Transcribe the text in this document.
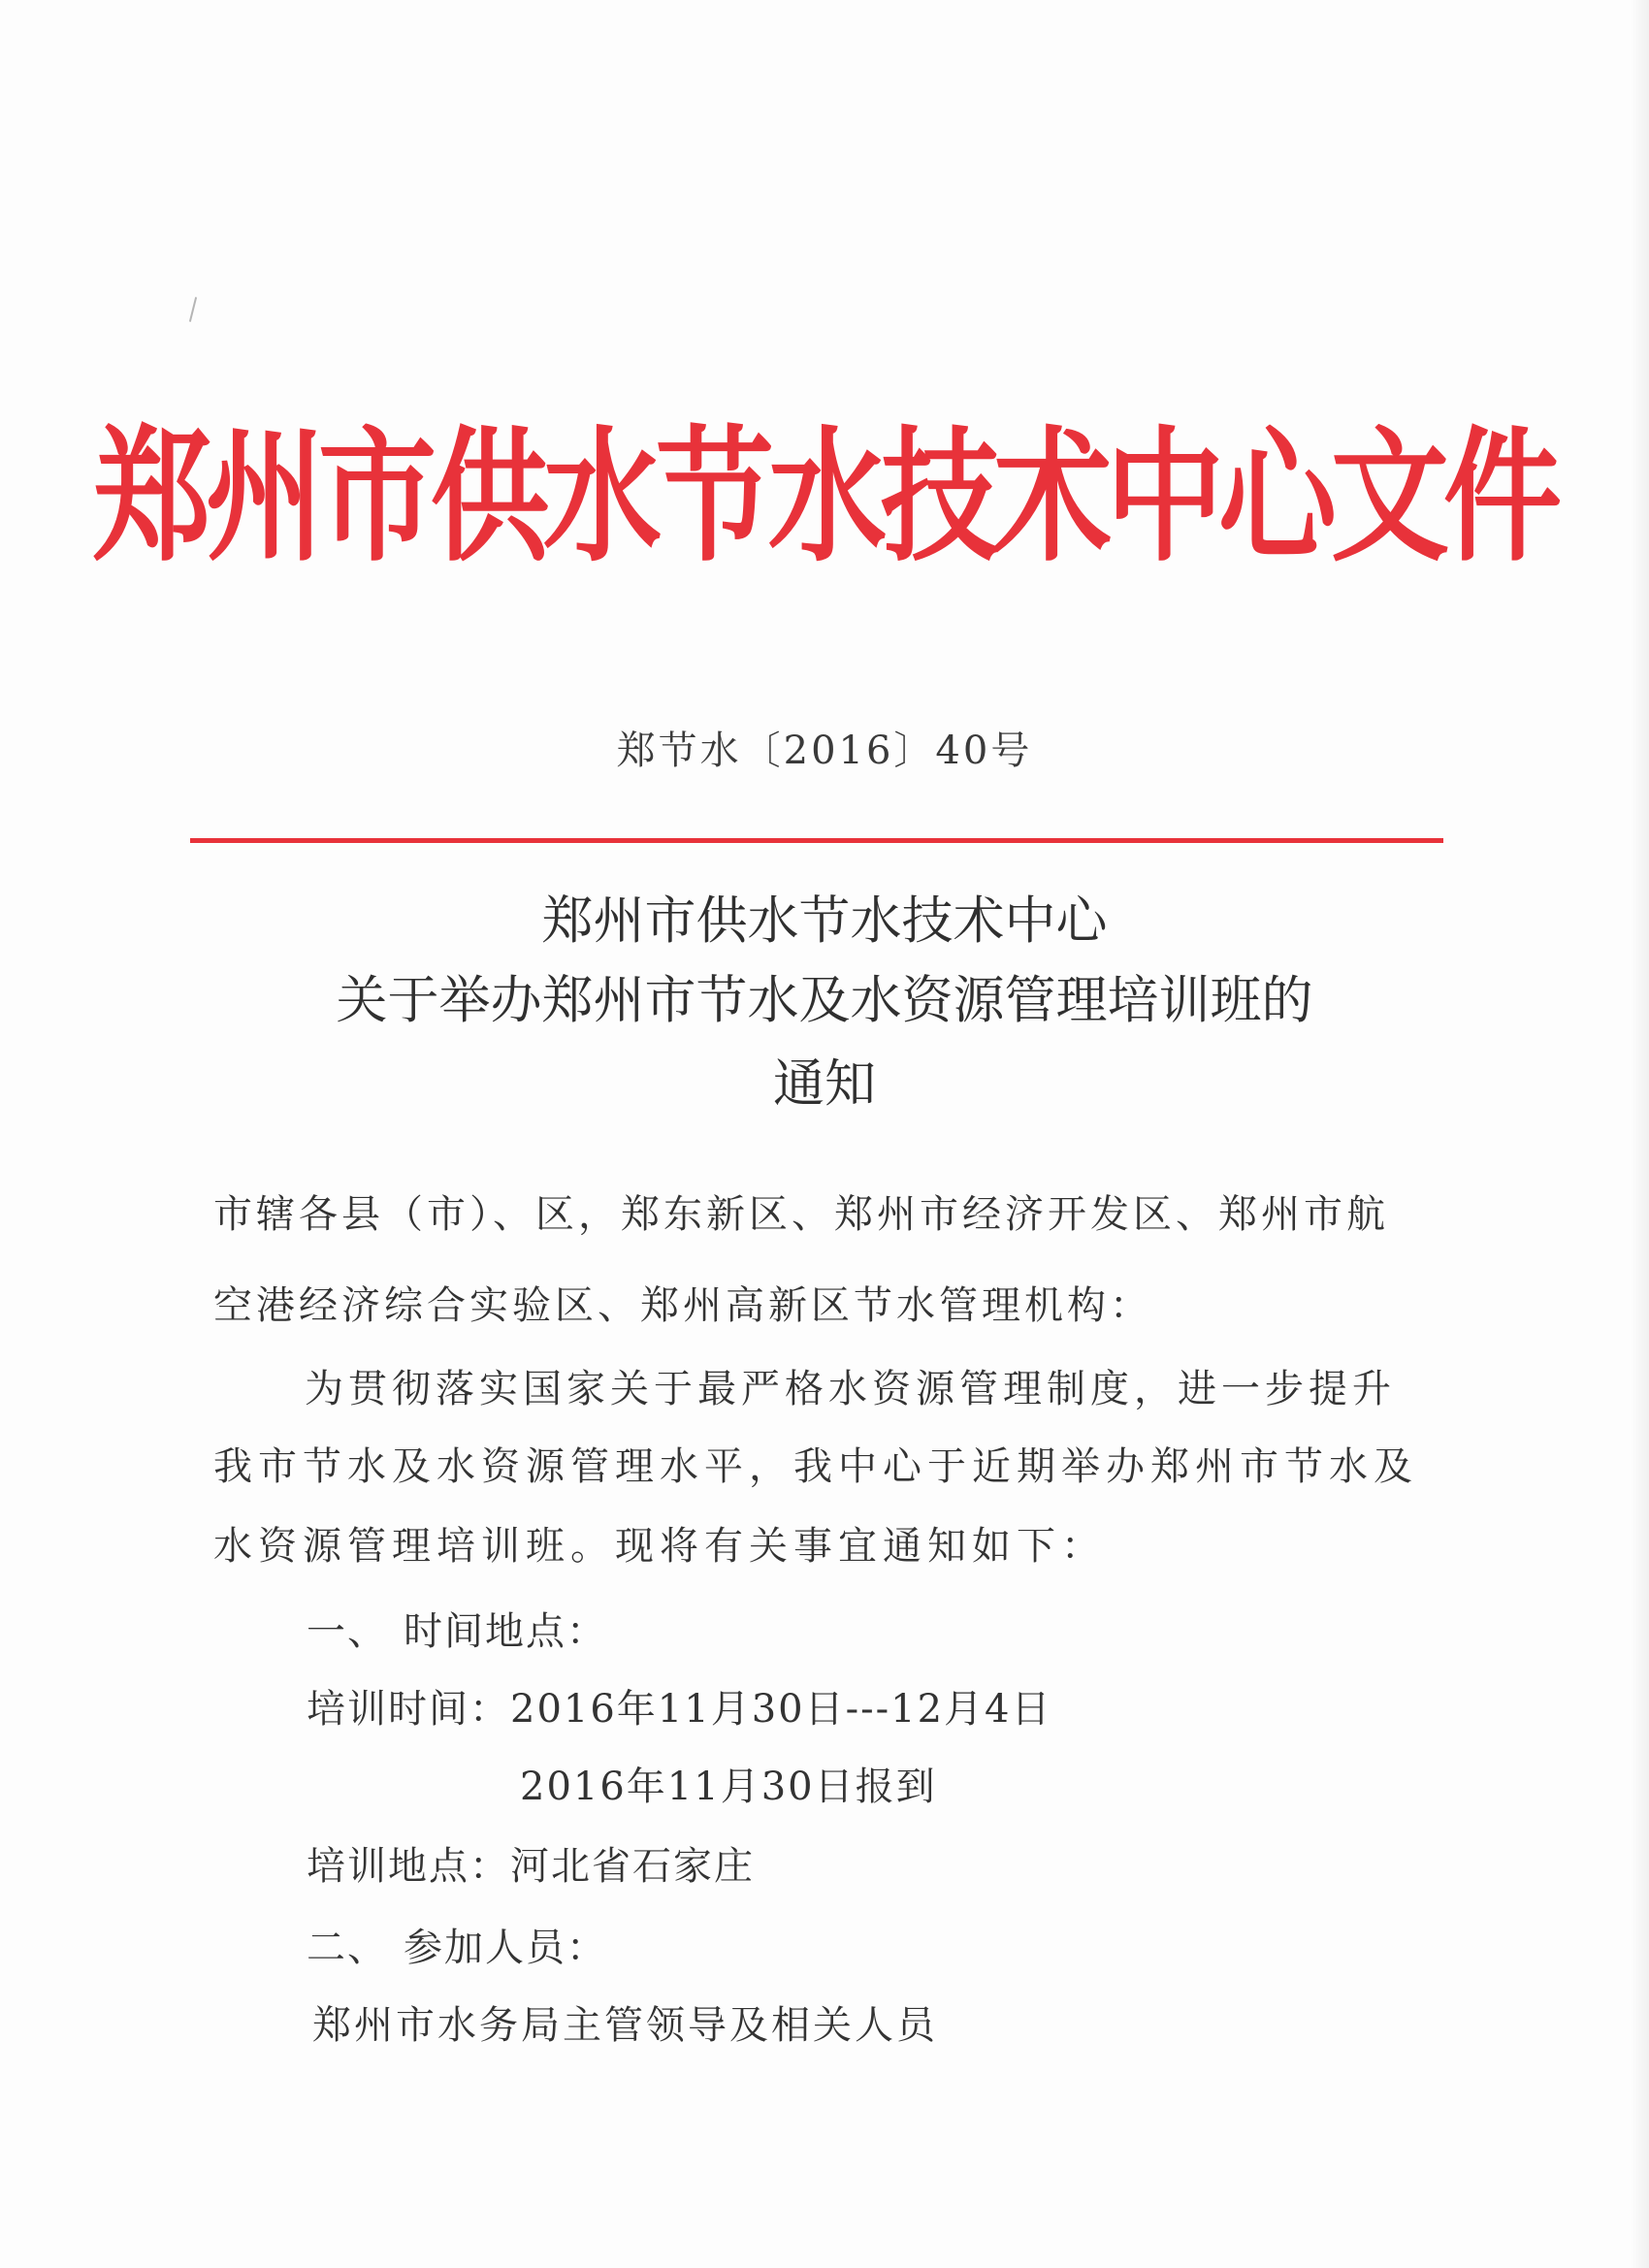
郑州市供水节水技术中心文件
郑节水〔2016〕40号
郑州市供水节水技术中心
关于举办郑州市节水及水资源管理培训班的
通知
市辖各县（市）、区，郑东新区、郑州市经济开发区、郑州市航
空港经济综合实验区、郑州高新区节水管理机构：
为贯彻落实国家关于最严格水资源管理制度，进一步提升
我市节水及水资源管理水平，我中心于近期举办郑州市节水及
水资源管理培训班。现将有关事宜通知如下：
一、 时间地点：
培训时间：2016年11月30日---12月4日
2016年11月30日报到
培训地点：河北省石家庄
二、 参加人员：
郑州市水务局主管领导及相关人员
